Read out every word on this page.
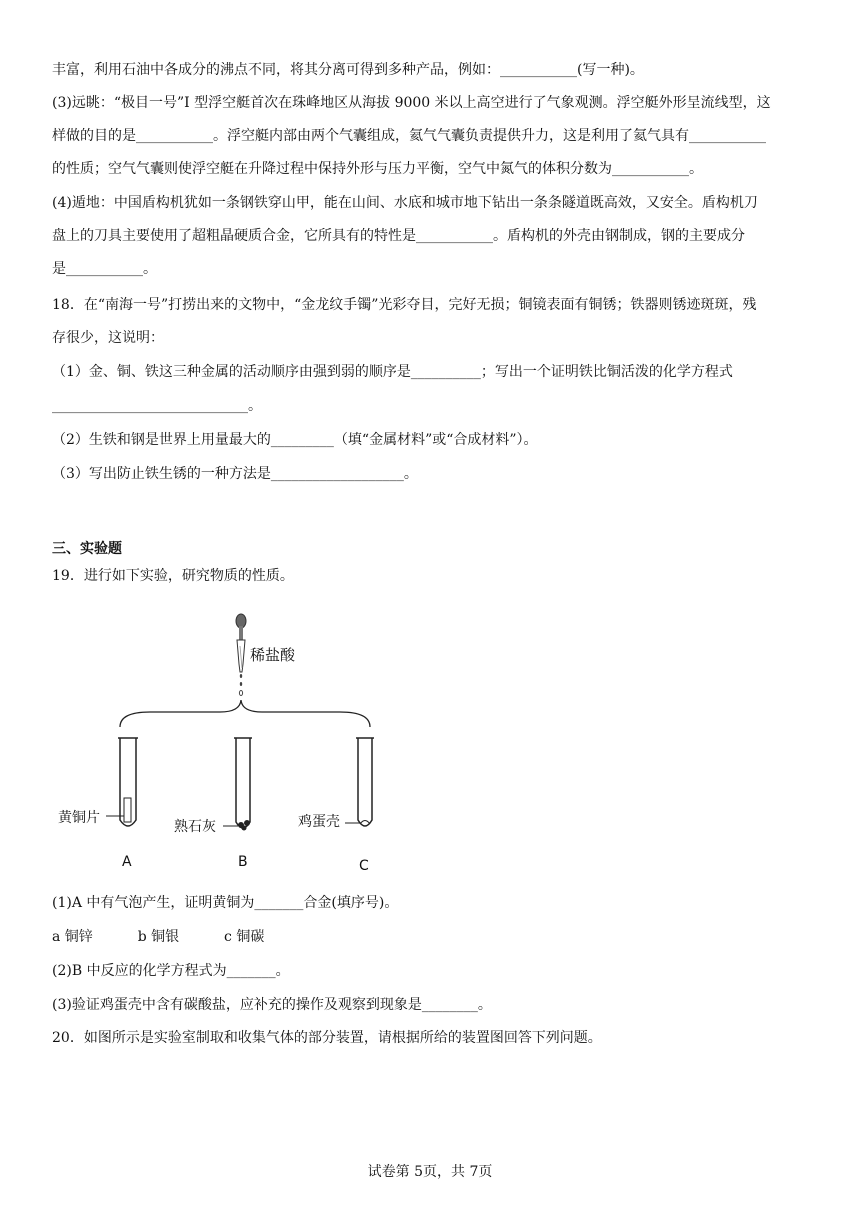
丰富，利用石油中各成分的沸点不同，将其分离可得到多种产品，例如：___________(写一种)。
(3)远眺：“极目一号”I 型浮空艇首次在珠峰地区从海拔 9000 米以上高空进行了气象观测。浮空艇外形呈流线型，这
样做的目的是___________。浮空艇内部由两个气囊组成，氦气气囊负责提供升力，这是利用了氦气具有___________
的性质；空气气囊则使浮空艇在升降过程中保持外形与压力平衡，空气中氮气的体积分数为___________。
(4)遁地：中国盾构机犹如一条钢铁穿山甲，能在山间、水底和城市地下钻出一条条隧道既高效，又安全。盾构机刀
盘上的刀具主要使用了超粗晶硬质合金，它所具有的特性是___________。盾构机的外壳由钢制成，钢的主要成分
是___________。
18．在“南海一号”打捞出来的文物中，“金龙纹手镯”光彩夺目，完好无损；铜镜表面有铜锈；铁器则锈迹斑斑，残
存很少，这说明：
（1）金、铜、铁这三种金属的活动顺序由强到弱的顺序是__________；写出一个证明铁比铜活泼的化学方程式
____________________________。
（2）生铁和钢是世界上用量最大的_________（填“金属材料”或“合成材料”）。
（3）写出防止铁生锈的一种方法是___________________。
三、实验题
19．进行如下实验，研究物质的性质。
稀盐酸
黄铜片
A
熟石灰
B
鸡蛋壳
C
(1)A 中有气泡产生，证明黄铜为_______合金(填序号)。
a 铜锌	b 铜银	c 铜碳
(2)B 中反应的化学方程式为_______。
(3)验证鸡蛋壳中含有碳酸盐，应补充的操作及观察到现象是________。
20．如图所示是实验室制取和收集气体的部分装置，请根据所给的装置图回答下列问题。
试卷第 5页，共 7页
